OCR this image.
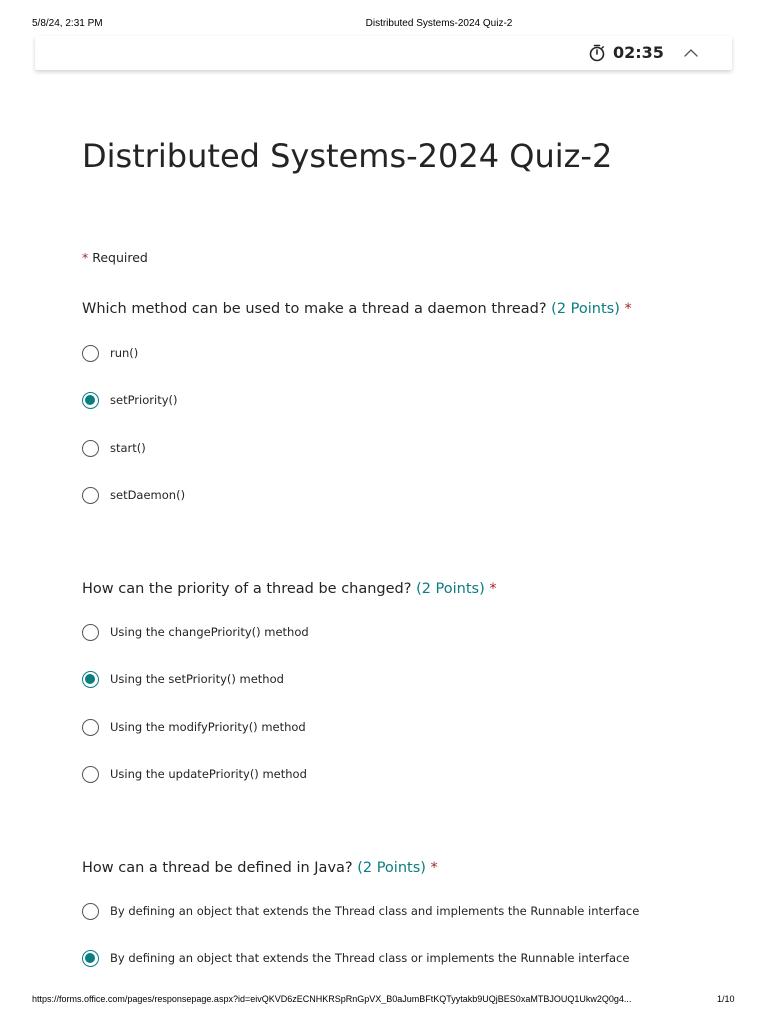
5/8/24, 2:31 PM	Distributed Systems-2024 Quiz-2
02:35
Distributed Systems-2024 Quiz-2
* Required

Which method can be used to make a thread a daemon thread? (2 Points) *

run()
setPriority()
start()
setDaemon()

How can the priority of a thread be changed? (2 Points) *

Using the changePriority() method
Using the setPriority() method
Using the modifyPriority() method
Using the updatePriority() method

How can a thread be defined in Java? (2 Points) *

By defining an object that extends the Thread class and implements the Runnable interface
By defining an object that extends the Thread class or implements the Runnable interface
https://forms.office.com/pages/responsepage.aspx?id=eivQKVD6zECNHKRSpRnGpVX_B0aJumBFtKQTyytakb9UQjBES0xaMTBJOUQ1Ukw2Q0g4...	1/10
